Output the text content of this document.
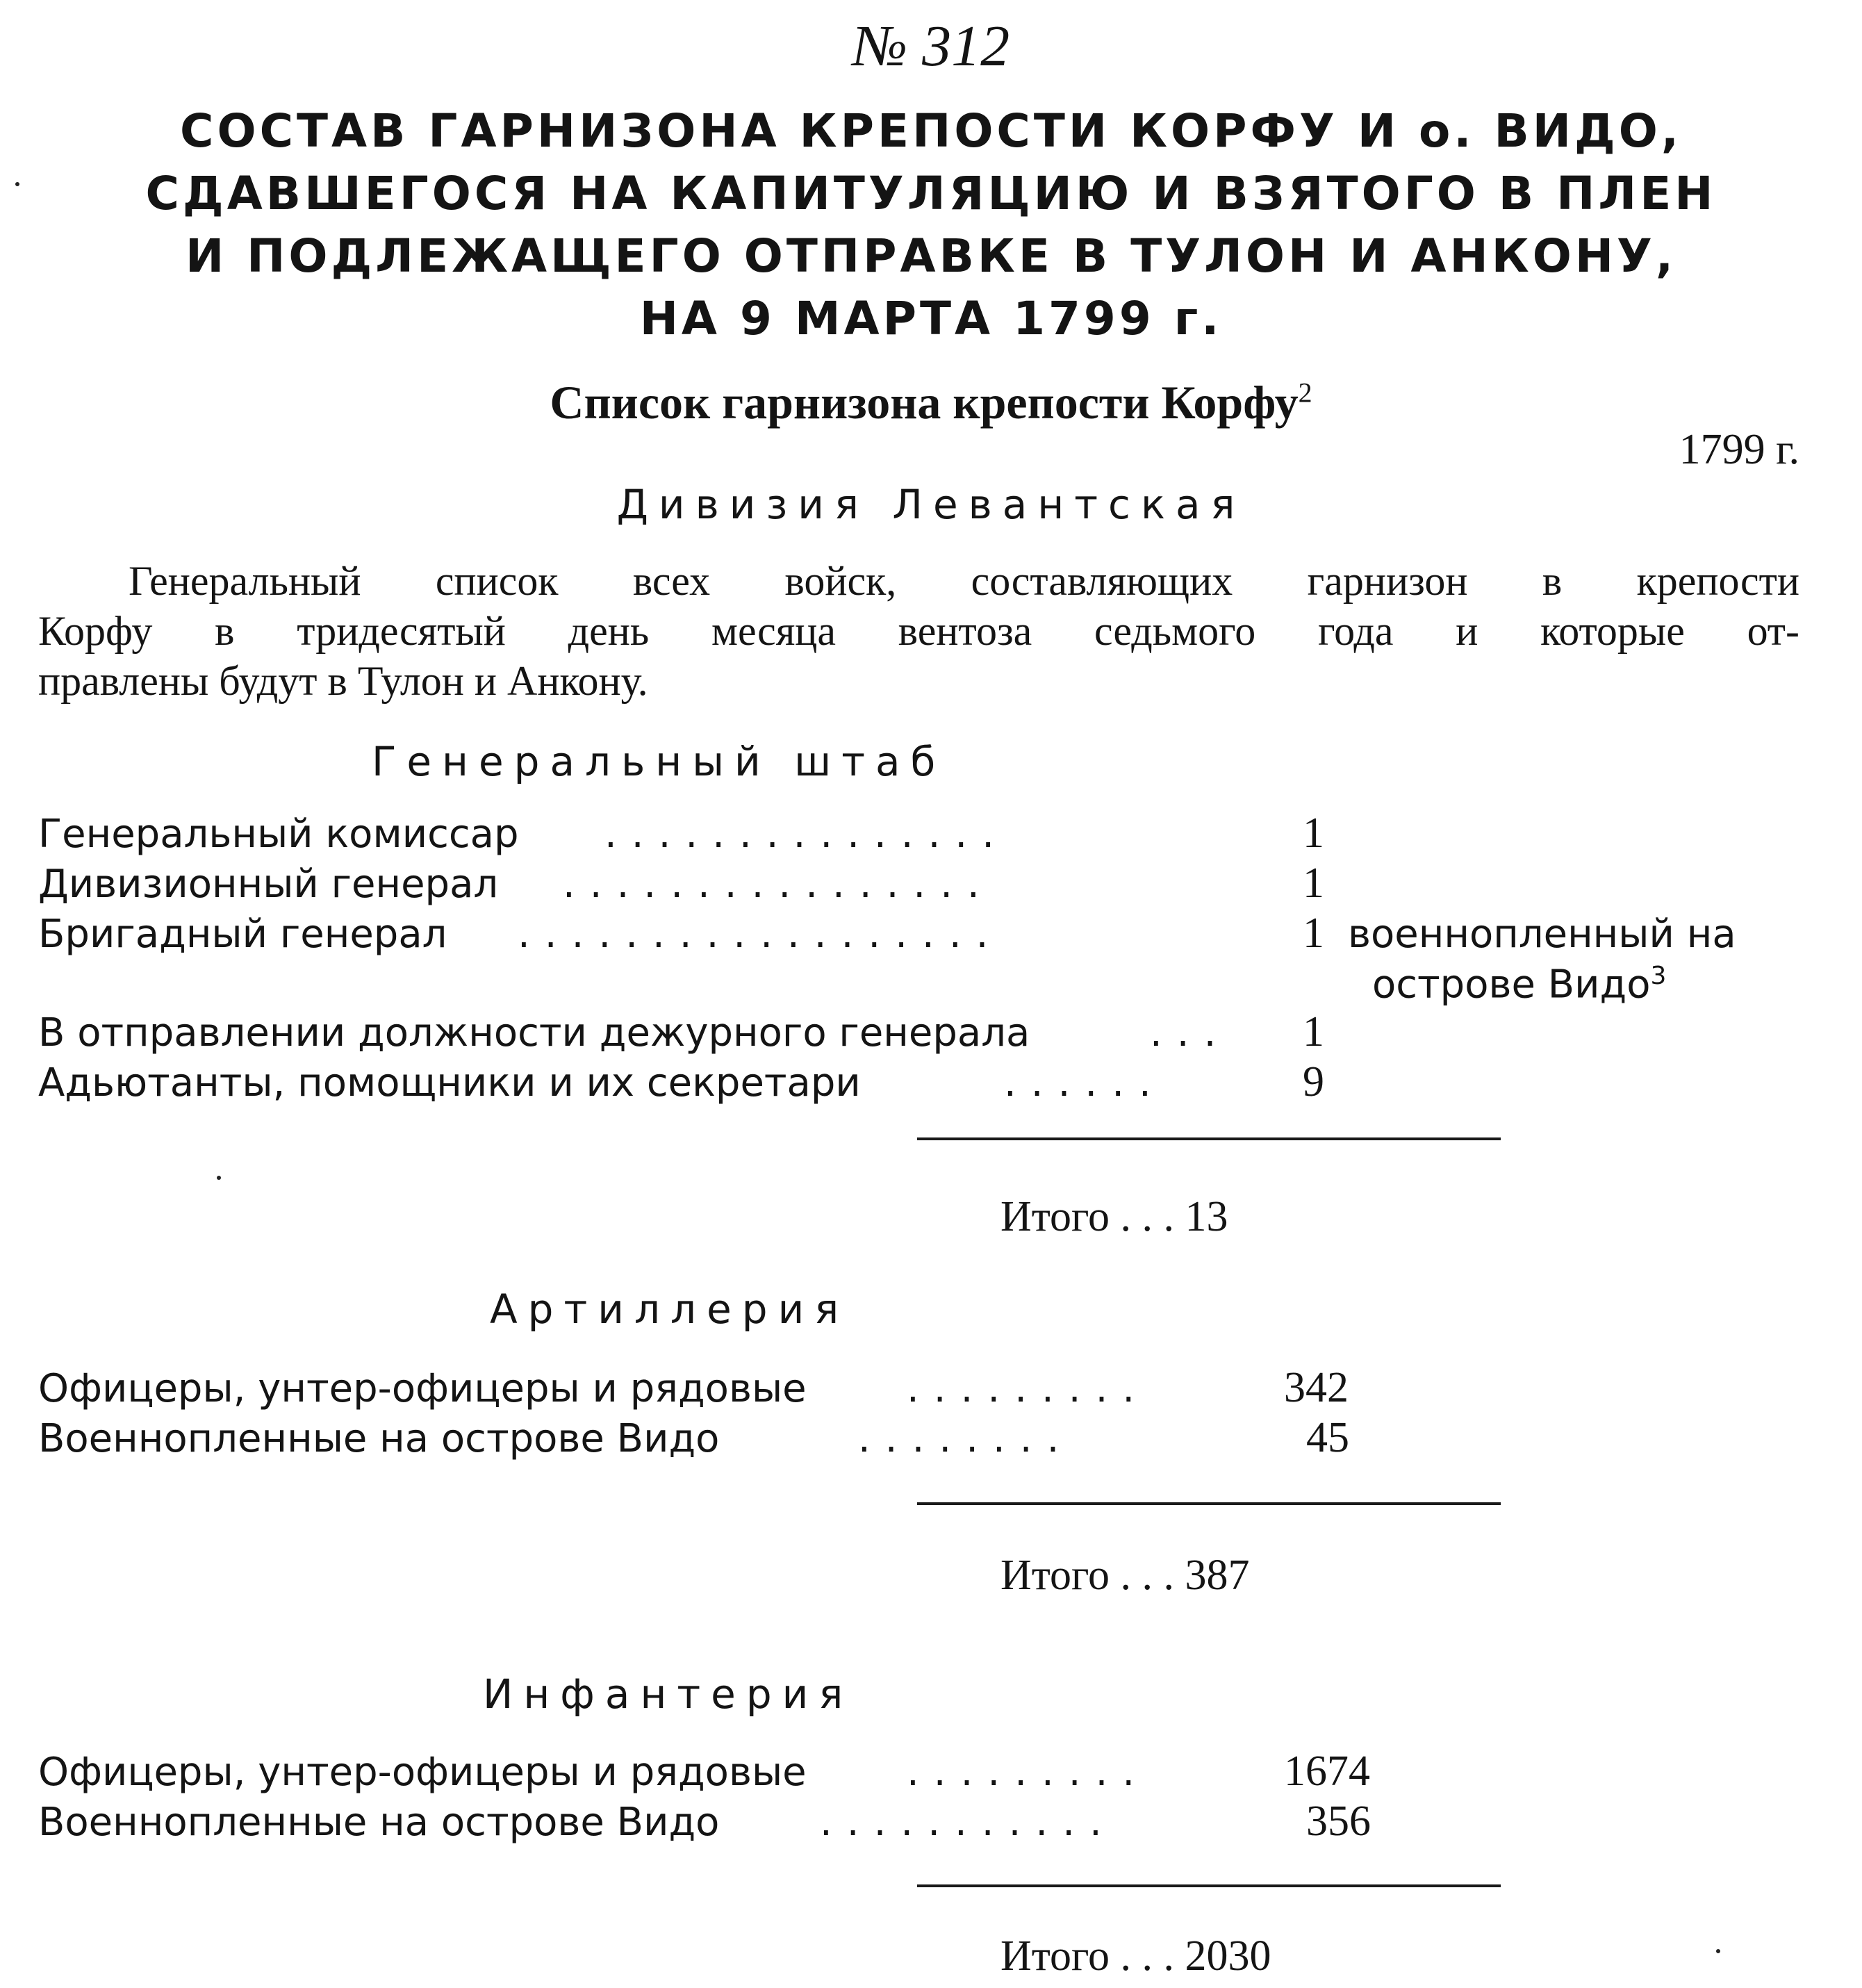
№ 312
СОСТАВ ГАРНИЗОНА КРЕПОСТИ КОРФУ И о. ВИДО,
СДАВШЕГОСЯ НА КАПИТУЛЯЦИЮ И ВЗЯТОГО В ПЛЕН
И ПОДЛЕЖАЩЕГО ОТПРАВКЕ В ТУЛОН И АНКОНУ,
НА 9 МАРТА 1799 г.
Список гарнизона крепости Корфу$^2$
1799 г.
Дивизия Левантская
Генеральный список всех войск, составляющих гарнизон в крепости
Корфу в тридесятый день месяца вентоза седьмого года и которые от-
правлены будут в Тулон и Анкону.
Генеральный штаб
Генеральный комиссар ...............	1
Дивизионный генерал ................	1
Бригадный генерал ..................	1 военнопленный на
острове Видо$^3$
В отправлении должности дежурного генерала	... 1
Адьютанты, помощники и их секретари	......	9
Итого . . . 13
Артиллерия
Офицеры, унтер-офицеры и рядовые	.........	342
Военнопленные на острове Видо	........	45
Итого . . . 387
Инфантерия
Офицеры, унтер-офицеры и рядовые	.........	1674
Военнопленные на острове Видо	...........	356
Итого . . . 2030
